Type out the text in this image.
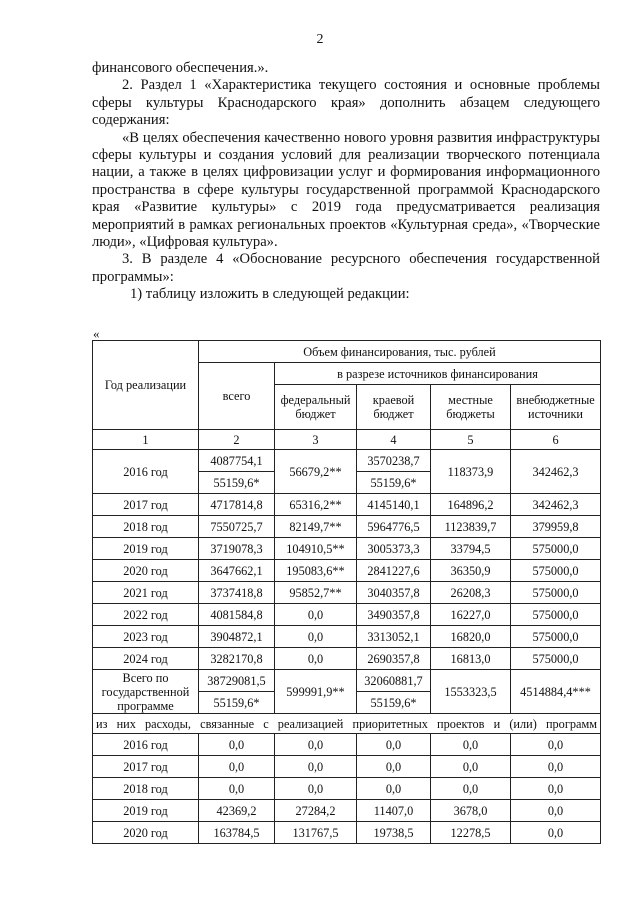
2

финансового обеспечения.».

2. Раздел 1 «Характеристика текущего состояния и основные проблемы сферы культуры Краснодарского края» дополнить абзацем следующего содержания:

«В целях обеспечения качественно нового уровня развития инфраструктуры сферы культуры и создания условий для реализации творческого потенциала нации, а также в целях цифровизации услуг и формирования информационного пространства в сфере культуры государственной программой Краснодарского края «Развитие культуры» с 2019 года предусматривается реализация мероприятий в рамках региональных проектов «Культурная среда», «Творческие люди», «Цифровая культура».

3. В разделе 4 «Обоснование ресурсного обеспечения государственной программы»:

1) таблицу изложить в следующей редакции:

«
Год реализации	Объем финансирования, тыс. рублей				
	всего	в разрезе источников финансирования			
		федеральный бюджет	краевой бюджет	местные бюджеты	внебюджетные источники
1	2	3	4	5	6
2016 год	4087754,1	56679,2**	3570238,7	118373,9	342462,3
	55159,6*		55159,6*		
2017 год	4717814,8	65316,2**	4145140,1	164896,2	342462,3
2018 год	7550725,7	82149,7**	5964776,5	1123839,7	379959,8
2019 год	3719078,3	104910,5**	3005373,3	33794,5	575000,0
2020 год	3647662,1	195083,6**	2841227,6	36350,9	575000,0
2021 год	3737418,8	95852,7**	3040357,8	26208,3	575000,0
2022 год	4081584,8	0,0	3490357,8	16227,0	575000,0
2023 год	3904872,1	0,0	3313052,1	16820,0	575000,0
2024 год	3282170,8	0,0	2690357,8	16813,0	575000,0
Всего по государственной программе	38729081,5	599991,9**	32060881,7	1553323,5	4514884,4***
	55159,6*		55159,6*		
из них расходы, связанные с реализацией приоритетных проектов и (или) программ					
2016 год	0,0	0,0	0,0	0,0	0,0
2017 год	0,0	0,0	0,0	0,0	0,0
2018 год	0,0	0,0	0,0	0,0	0,0
2019 год	42369,2	27284,2	11407,0	3678,0	0,0
2020 год	163784,5	131767,5	19738,5	12278,5	0,0
